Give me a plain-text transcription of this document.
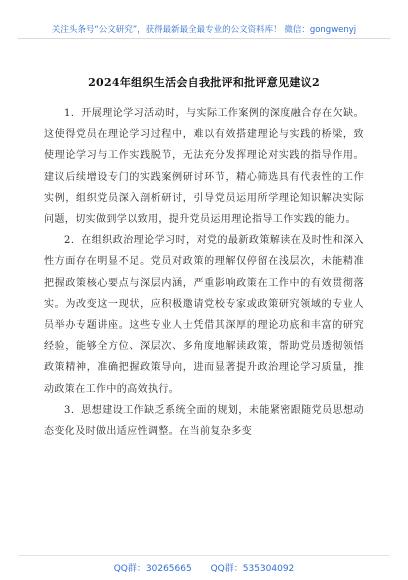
关注头条号“公文研究”，获得最新最全最专业的公文资料库！ 微信：gongwenyj
2024年组织生活会自我批评和批评意见建议2

1．开展理论学习活动时，与实际工作案例的深度融合存在欠缺。这使得党员在理论学习过程中，难以有效搭建理论与实践的桥梁，致使理论学习与工作实践脱节，无法充分发挥理论对实践的指导作用。建议后续增设专门的实践案例研讨环节，精心筛选具有代表性的工作实例，组织党员深入剖析研讨，引导党员运用所学理论知识解决实际问题，切实做到学以致用，提升党员运用理论指导工作实践的能力。

2．在组织政治理论学习时，对党的最新政策解读在及时性和深入性方面存在明显不足。党员对政策的理解仅停留在浅层次，未能精准把握政策核心要点与深层内涵，严重影响政策在工作中的有效贯彻落实。为改变这一现状，应积极邀请党校专家或政策研究领域的专业人员举办专题讲座。这些专业人士凭借其深厚的理论功底和丰富的研究经验，能够全方位、深层次、多角度地解读政策，帮助党员透彻领悟政策精神，准确把握政策导向，进而显著提升政治理论学习质量，推动政策在工作中的高效执行。

3．思想建设工作缺乏系统全面的规划，未能紧密跟随党员思想动态变化及时做出适应性调整。在当前复杂多变

QQ群：30265665 QQ群：535304092
